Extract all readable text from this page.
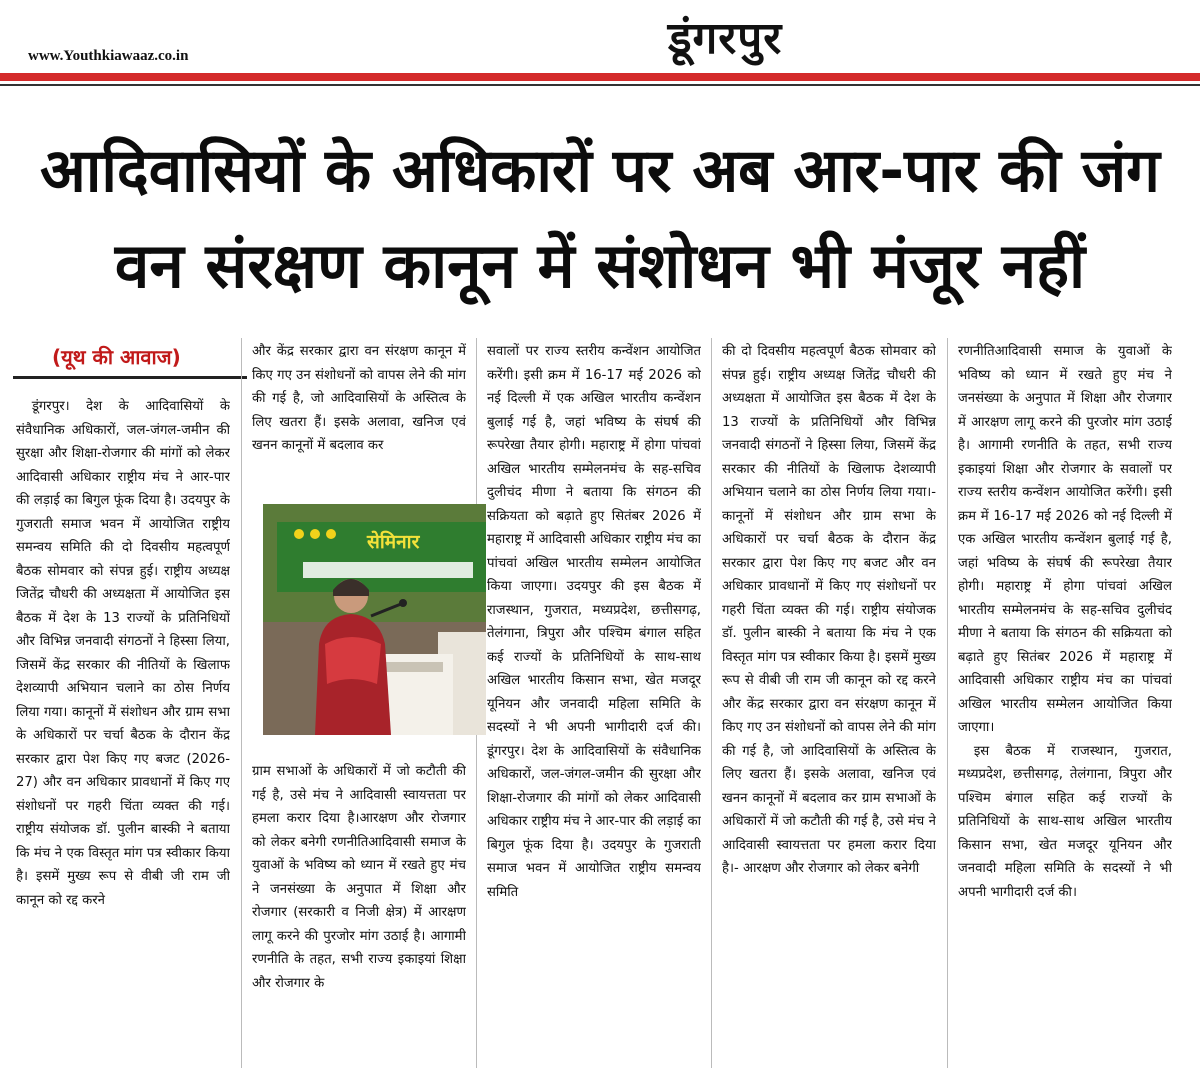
www.Youthkiawaaz.co.in	डूंगरपुर
आदिवासियों के अधिकारों पर अब आर-पार की जंग
वन संरक्षण कानून में संशोधन भी मंजूर नहीं
(यूथ की आवाज)

डूंगरपुर। देश के आदिवासियों के संवैधानिक अधिकारों, जल-जंगल-जमीन की सुरक्षा और शिक्षा-रोजगार की मांगों को लेकर आदिवासी अधिकार राष्ट्रीय मंच ने आर-पार की लड़ाई का बिगुल फूंक दिया है। उदयपुर के गुजराती समाज भवन में आयोजित राष्ट्रीय समन्वय समिति की दो दिवसीय महत्वपूर्ण बैठक सोमवार को संपन्न हुई। राष्ट्रीय अध्यक्ष जितेंद्र चौधरी की अध्यक्षता में आयोजित इस बैठक में देश के 13 राज्यों के प्रतिनिधियों और विभिन्न जनवादी संगठनों ने हिस्सा लिया, जिसमें केंद्र सरकार की नीतियों के खिलाफ देशव्यापी अभियान चलाने का ठोस निर्णय लिया गया। कानूनों में संशोधन और ग्राम सभा के अधिकारों पर चर्चा बैठक के दौरान केंद्र सरकार द्वारा पेश किए गए बजट (2026-27) और वन अधिकार प्रावधानों में किए गए संशोधनों पर गहरी चिंता व्यक्त की गई। राष्ट्रीय संयोजक डॉ. पुलीन बास्की ने बताया कि मंच ने एक विस्तृत मांग पत्र स्वीकार किया है। इसमें मुख्य रूप से वीबी जी राम जी कानून को रद्द करने

और केंद्र सरकार द्वारा वन संरक्षण कानून में किए गए उन संशोधनों को वापस लेने की मांग की गई है, जो आदिवासियों के अस्तित्व के लिए खतरा हैं। इसके अलावा, खनिज एवं खनन कानूनों में बदलाव कर

सेमिनार

ग्राम सभाओं के अधिकारों में जो कटौती की गई है, उसे मंच ने आदिवासी स्वायत्तता पर हमला करार दिया है।आरक्षण और रोजगार को लेकर बनेगी रणनीतिआदिवासी समाज के युवाओं के भविष्य को ध्यान में रखते हुए मंच ने जनसंख्या के अनुपात में शिक्षा और रोजगार (सरकारी व निजी क्षेत्र) में आरक्षण लागू करने की पुरजोर मांग उठाई है। आगामी रणनीति के तहत, सभी राज्य इकाइयां शिक्षा और रोजगार के

सवालों पर राज्य स्तरीय कन्वेंशन आयोजित करेंगी। इसी क्रम में 16-17 मई 2026 को नई दिल्ली में एक अखिल भारतीय कन्वेंशन बुलाई गई है, जहां भविष्य के संघर्ष की रूपरेखा तैयार होगी। महाराष्ट्र में होगा पांचवां अखिल भारतीय सम्मेलनमंच के सह-सचिव दुलीचंद मीणा ने बताया कि संगठन की सक्रियता को बढ़ाते हुए सितंबर 2026 में महाराष्ट्र में आदिवासी अधिकार राष्ट्रीय मंच का पांचवां अखिल भारतीय सम्मेलन आयोजित किया जाएगा। उदयपुर की इस बैठक में राजस्थान, गुजरात, मध्यप्रदेश, छत्तीसगढ़, तेलंगाना, त्रिपुरा और पश्चिम बंगाल सहित कई राज्यों के प्रतिनिधियों के साथ-साथ अखिल भारतीय किसान सभा, खेत मजदूर यूनियन और जनवादी महिला समिति के सदस्यों ने भी अपनी भागीदारी दर्ज की।डूंगरपुर। देश के आदिवासियों के संवैधानिक अधिकारों, जल-जंगल-जमीन की सुरक्षा और शिक्षा-रोजगार की मांगों को लेकर आदिवासी अधिकार राष्ट्रीय मंच ने आर-पार की लड़ाई का बिगुल फूंक दिया है। उदयपुर के गुजराती समाज भवन में आयोजित राष्ट्रीय समन्वय समिति

की दो दिवसीय महत्वपूर्ण बैठक सोमवार को संपन्न हुई। राष्ट्रीय अध्यक्ष जितेंद्र चौधरी की अध्यक्षता में आयोजित इस बैठक में देश के 13 राज्यों के प्रतिनिधियों और विभिन्न जनवादी संगठनों ने हिस्सा लिया, जिसमें केंद्र सरकार की नीतियों के खिलाफ देशव्यापी अभियान चलाने का ठोस निर्णय लिया गया।- कानूनों में संशोधन और ग्राम सभा के अधिकारों पर चर्चा बैठक के दौरान केंद्र सरकार द्वारा पेश किए गए बजट और वन अधिकार प्रावधानों में किए गए संशोधनों पर गहरी चिंता व्यक्त की गई। राष्ट्रीय संयोजक डॉ. पुलीन बास्की ने बताया कि मंच ने एक विस्तृत मांग पत्र स्वीकार किया है। इसमें मुख्य रूप से वीबी जी राम जी कानून को रद्द करने और केंद्र सरकार द्वारा वन संरक्षण कानून में किए गए उन संशोधनों को वापस लेने की मांग की गई है, जो आदिवासियों के अस्तित्व के लिए खतरा हैं। इसके अलावा, खनिज एवं खनन कानूनों में बदलाव कर ग्राम सभाओं के अधिकारों में जो कटौती की गई है, उसे मंच ने आदिवासी स्वायत्तता पर हमला करार दिया है।- आरक्षण और रोजगार को लेकर बनेगी

रणनीतिआदिवासी समाज के युवाओं के भविष्य को ध्यान में रखते हुए मंच ने जनसंख्या के अनुपात में शिक्षा और रोजगार में आरक्षण लागू करने की पुरजोर मांग उठाई है। आगामी रणनीति के तहत, सभी राज्य इकाइयां शिक्षा और रोजगार के सवालों पर राज्य स्तरीय कन्वेंशन आयोजित करेंगी। इसी क्रम में 16-17 मई 2026 को नई दिल्ली में एक अखिल भारतीय कन्वेंशन बुलाई गई है, जहां भविष्य के संघर्ष की रूपरेखा तैयार होगी। महाराष्ट्र में होगा पांचवां अखिल भारतीय सम्मेलनमंच के सह-सचिव दुलीचंद मीणा ने बताया कि संगठन की सक्रियता को बढ़ाते हुए सितंबर 2026 में महाराष्ट्र में आदिवासी अधिकार राष्ट्रीय मंच का पांचवां अखिल भारतीय सम्मेलन आयोजित किया जाएगा।

इस बैठक में राजस्थान, गुजरात, मध्यप्रदेश, छत्तीसगढ़, तेलंगाना, त्रिपुरा और पश्चिम बंगाल सहित कई राज्यों के प्रतिनिधियों के साथ-साथ अखिल भारतीय किसान सभा, खेत मजदूर यूनियन और जनवादी महिला समिति के सदस्यों ने भी अपनी भागीदारी दर्ज की।
